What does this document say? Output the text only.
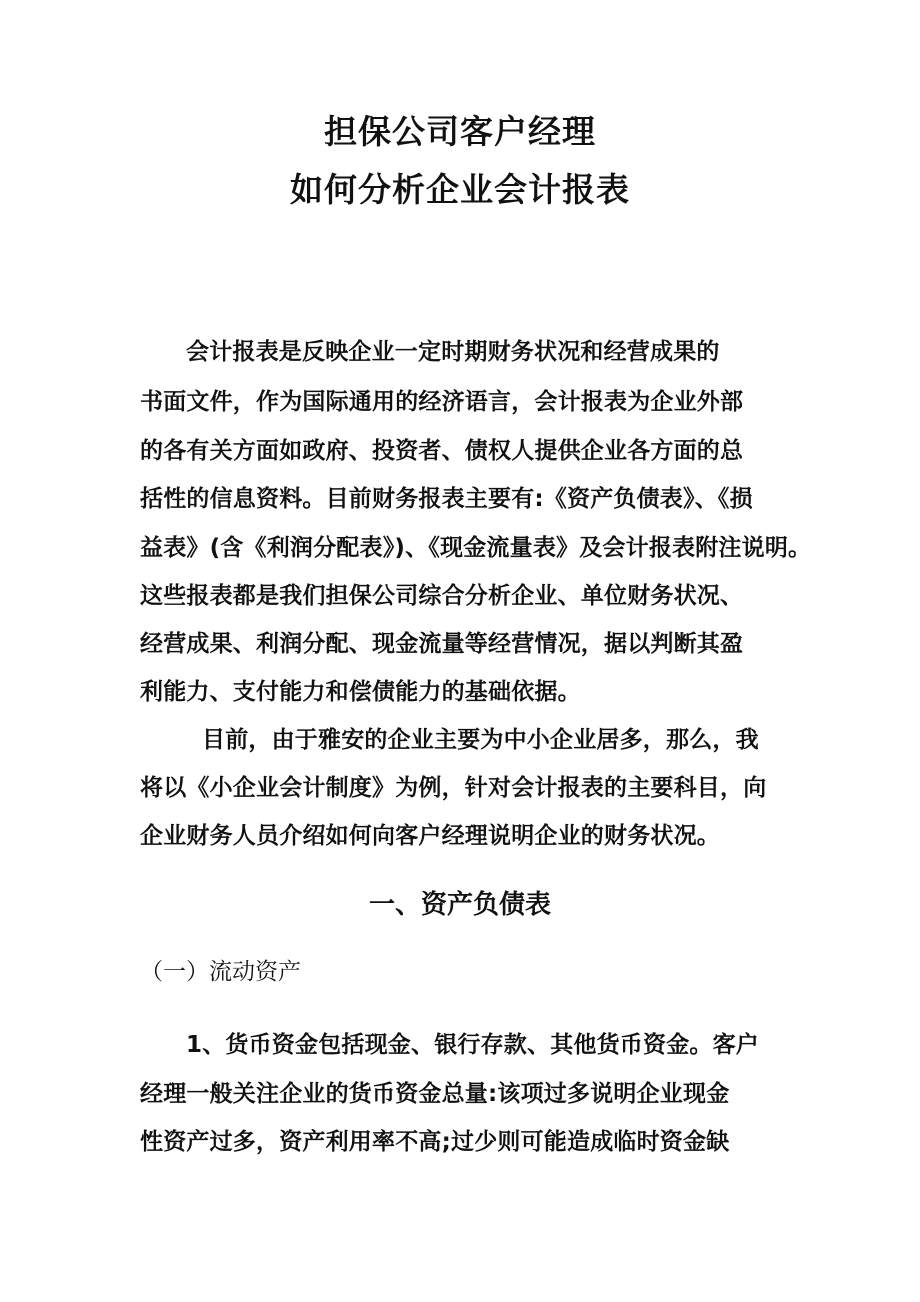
担保公司客户经理
如何分析企业会计报表
会计报表是反映企业一定时期财务状况和经营成果的
书面文件，作为国际通用的经济语言，会计报表为企业外部
的各有关方面如政府、投资者、债权人提供企业各方面的总
括性的信息资料。目前财务报表主要有:《资产负债表》、《损
益表》(含《利润分配表》)、《现金流量表》及会计报表附注说明。
这些报表都是我们担保公司综合分析企业、单位财务状况、
经营成果、利润分配、现金流量等经营情况，据以判断其盈
利能力、支付能力和偿债能力的基础依据。
目前，由于雅安的企业主要为中小企业居多，那么，我
将以《小企业会计制度》为例，针对会计报表的主要科目，向
企业财务人员介绍如何向客户经理说明企业的财务状况。
一、资产负债表
（一）流动资产
1、货币资金包括现金、银行存款、其他货币资金。客户
经理一般关注企业的货币资金总量:该项过多说明企业现金
性资产过多，资产利用率不高;过少则可能造成临时资金缺
